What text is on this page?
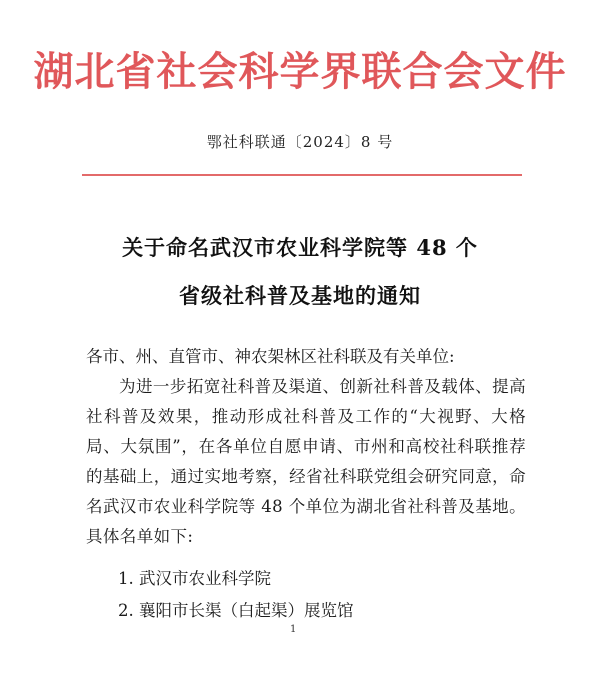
湖北省社会科学界联合会文件
鄂社科联通〔2024〕8 号
关于命名武汉市农业科学院等 48 个
省级社科普及基地的通知
各市、州、直管市、神农架林区社科联及有关单位:
为进一步拓宽社科普及渠道、创新社科普及载体、提高社科普及效果，推动形成社科普及工作的“大视野、大格局、大氛围”，在各单位自愿申请、市州和高校社科联推荐的基础上，通过实地考察，经省社科联党组会研究同意，命名武汉市农业科学院等 48 个单位为湖北省社科普及基地。具体名单如下:
1. 武汉市农业科学院
2. 襄阳市长渠（白起渠）展览馆
1
